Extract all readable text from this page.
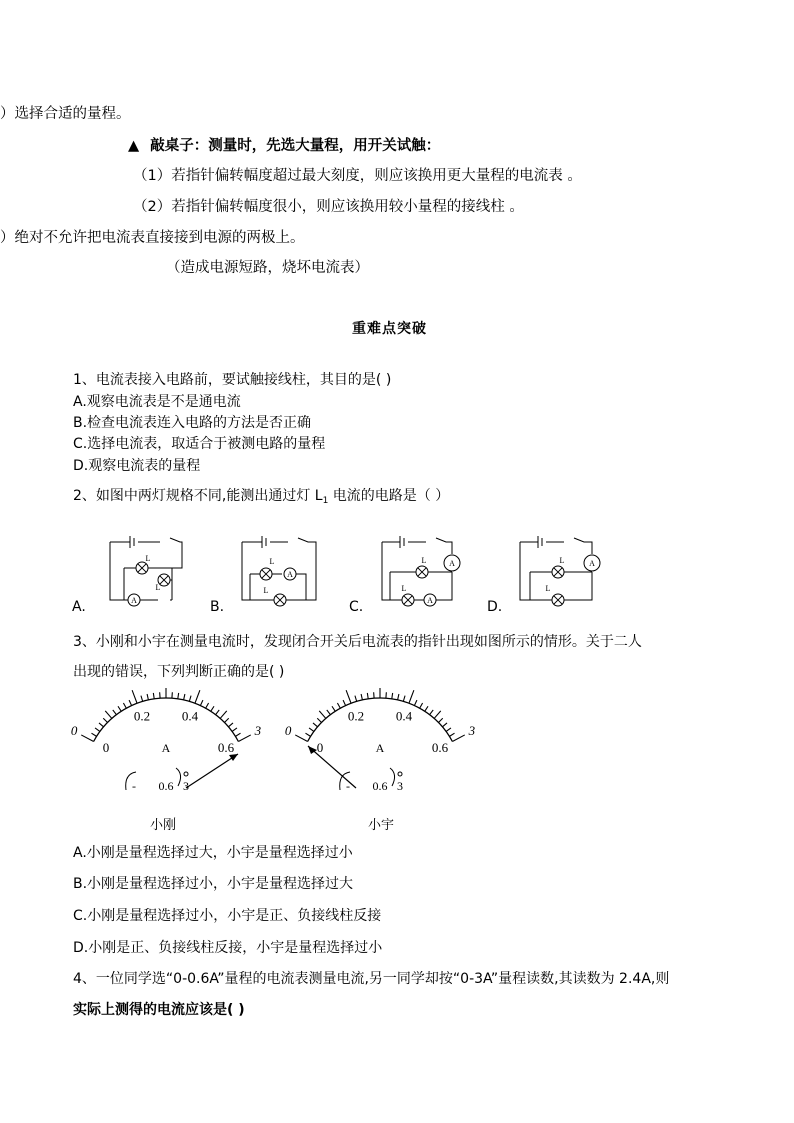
）选择合适的量程。
▲ 敲桌子：测量时，先选大量程，用开关试触：
（1）若指针偏转幅度超过最大刻度，则应该换用更大量程的电流表 。
（2）若指针偏转幅度很小，则应该换用较小量程的接线柱 。
）绝对不允许把电流表直接接到电源的两极上。
（造成电源短路，烧坏电流表）
重难点突破
1、电流表接入电路前，要试触接线柱，其目的是( )
A.观察电流表是不是通电流
B.检查电流表连入电路的方法是否正确
C.选择电流表，取适合于被测电路的量程
D.观察电流表的量程
2、如图中两灯规格不同,能测出通过灯 $L_1$ 电流的电路是（ ）
A
A
A
A
A
L
L
L
L
L
L
L
L
A.	B.	C.	D.
3、小刚和小宇在测量电流时，发现闭合开关后电流表的指针出现如图所示的情形。关于二人
出现的错误，下列判断正确的是( )
0	3
0
0.2 0.4
0.6
A
- 0.6 3
0	3
0
0.2 0.4
0.6
A
- 0.6 3
小刚	小宇
A.小刚是量程选择过大，小宇是量程选择过小
B.小刚是量程选择过小，小宇是量程选择过大
C.小刚是量程选择过小，小宇是正、负接线柱反接
D.小刚是正、负接线柱反接，小宇是量程选择过小
4、一位同学选“0-0.6A”量程的电流表测量电流,另一同学却按“0-3A”量程读数,其读数为 2.4A,则
实际上测得的电流应该是( )
